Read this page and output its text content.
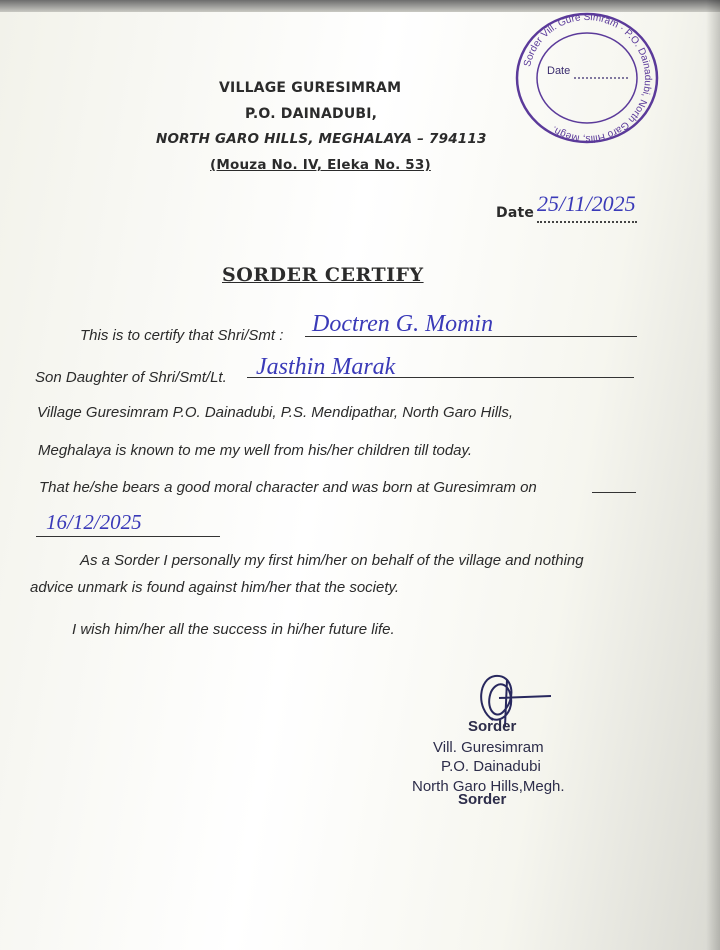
Sorder Vill. Gure Simram · P.O. Dainadubi, North Garo Hills, Megh.
Date
VILLAGE GURESIMRAM
P.O. DAINADUBI,
NORTH GARO HILLS, MEGHALAYA – 794113
(Mouza No. IV, Eleka No. 53)
Date 25/11/2025
SORDER CERTIFY
This is to certify that Shri/Smt : Doctren G. Momin
Son Daughter of Shri/Smt/Lt. Jasthin Marak
Village Guresimram P.O. Dainadubi, P.S. Mendipathar, North Garo Hills,
Meghalaya is known to me my well from his/her children till today.
That he/she bears a good moral character and was born at Guresimram on
16/12/2025
As a Sorder I personally my first him/her on behalf of the village and nothing
advice unmark is found against him/her that the society.
I wish him/her all the success in hi/her future life.
Sorder
Vill. Guresimram
P.O. Dainadubi
North Garo Hills,Megh.
Sorder
